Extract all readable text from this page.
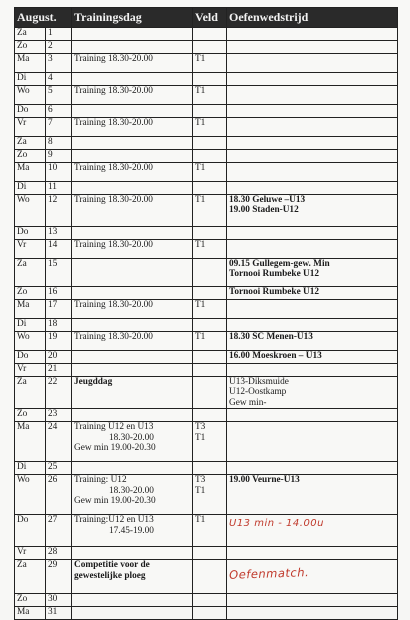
August.		Trainingsdag	Veld	Oefenwedstrijd
Za	1			
Zo	2			
Ma	3	Training 18.30-20.00	T1	

Di	4			
Wo	5	Training 18.30-20.00	T1	

Do	6			
Vr	7	Training 18.30-20.00	T1	

Za	8			
Zo	9			
Ma	10	Training 18.30-20.00	T1	

Di	11			
Wo	12	Training 18.30-20.00	T1	18.30 Geluwe –U13
19.00 Staden-U12

Do	13			
Vr	14	Training 18.30-20.00	T1	

Za	15			09.15 Gullegem-gew. Min
Tornooi Rumbeke U12

Zo	16			Tornooi Rumbeke U12

Ma	17	Training 18.30-20.00	T1	

Di	18			
Wo	19	Training 18.30-20.00	T1	18.30 SC Menen-U13

Do	20			16.00 Moeskroen – U13

Vr	21			
Za	22	Jeugddag		U13-Diksmuide
U12-Oostkamp
Gew min-

Zo	23			
Ma	24	Training U12 en U13
18.30-20.00
Gew min 19.00-20.30	T3
T1	

Di	25			
Wo	26	Training: U12
18.30-20.00
Gew min 19.00-20.30	T3
T1	19.00 Veurne-U13

Do	27	Training:U12 en U13
17.45-19.00	T1	U13 min - 14.00u

Vr	28			
Za	29	Competitie voor de
gewestelijke ploeg		Oefenmatch.

Zo	30			
Ma	31			
